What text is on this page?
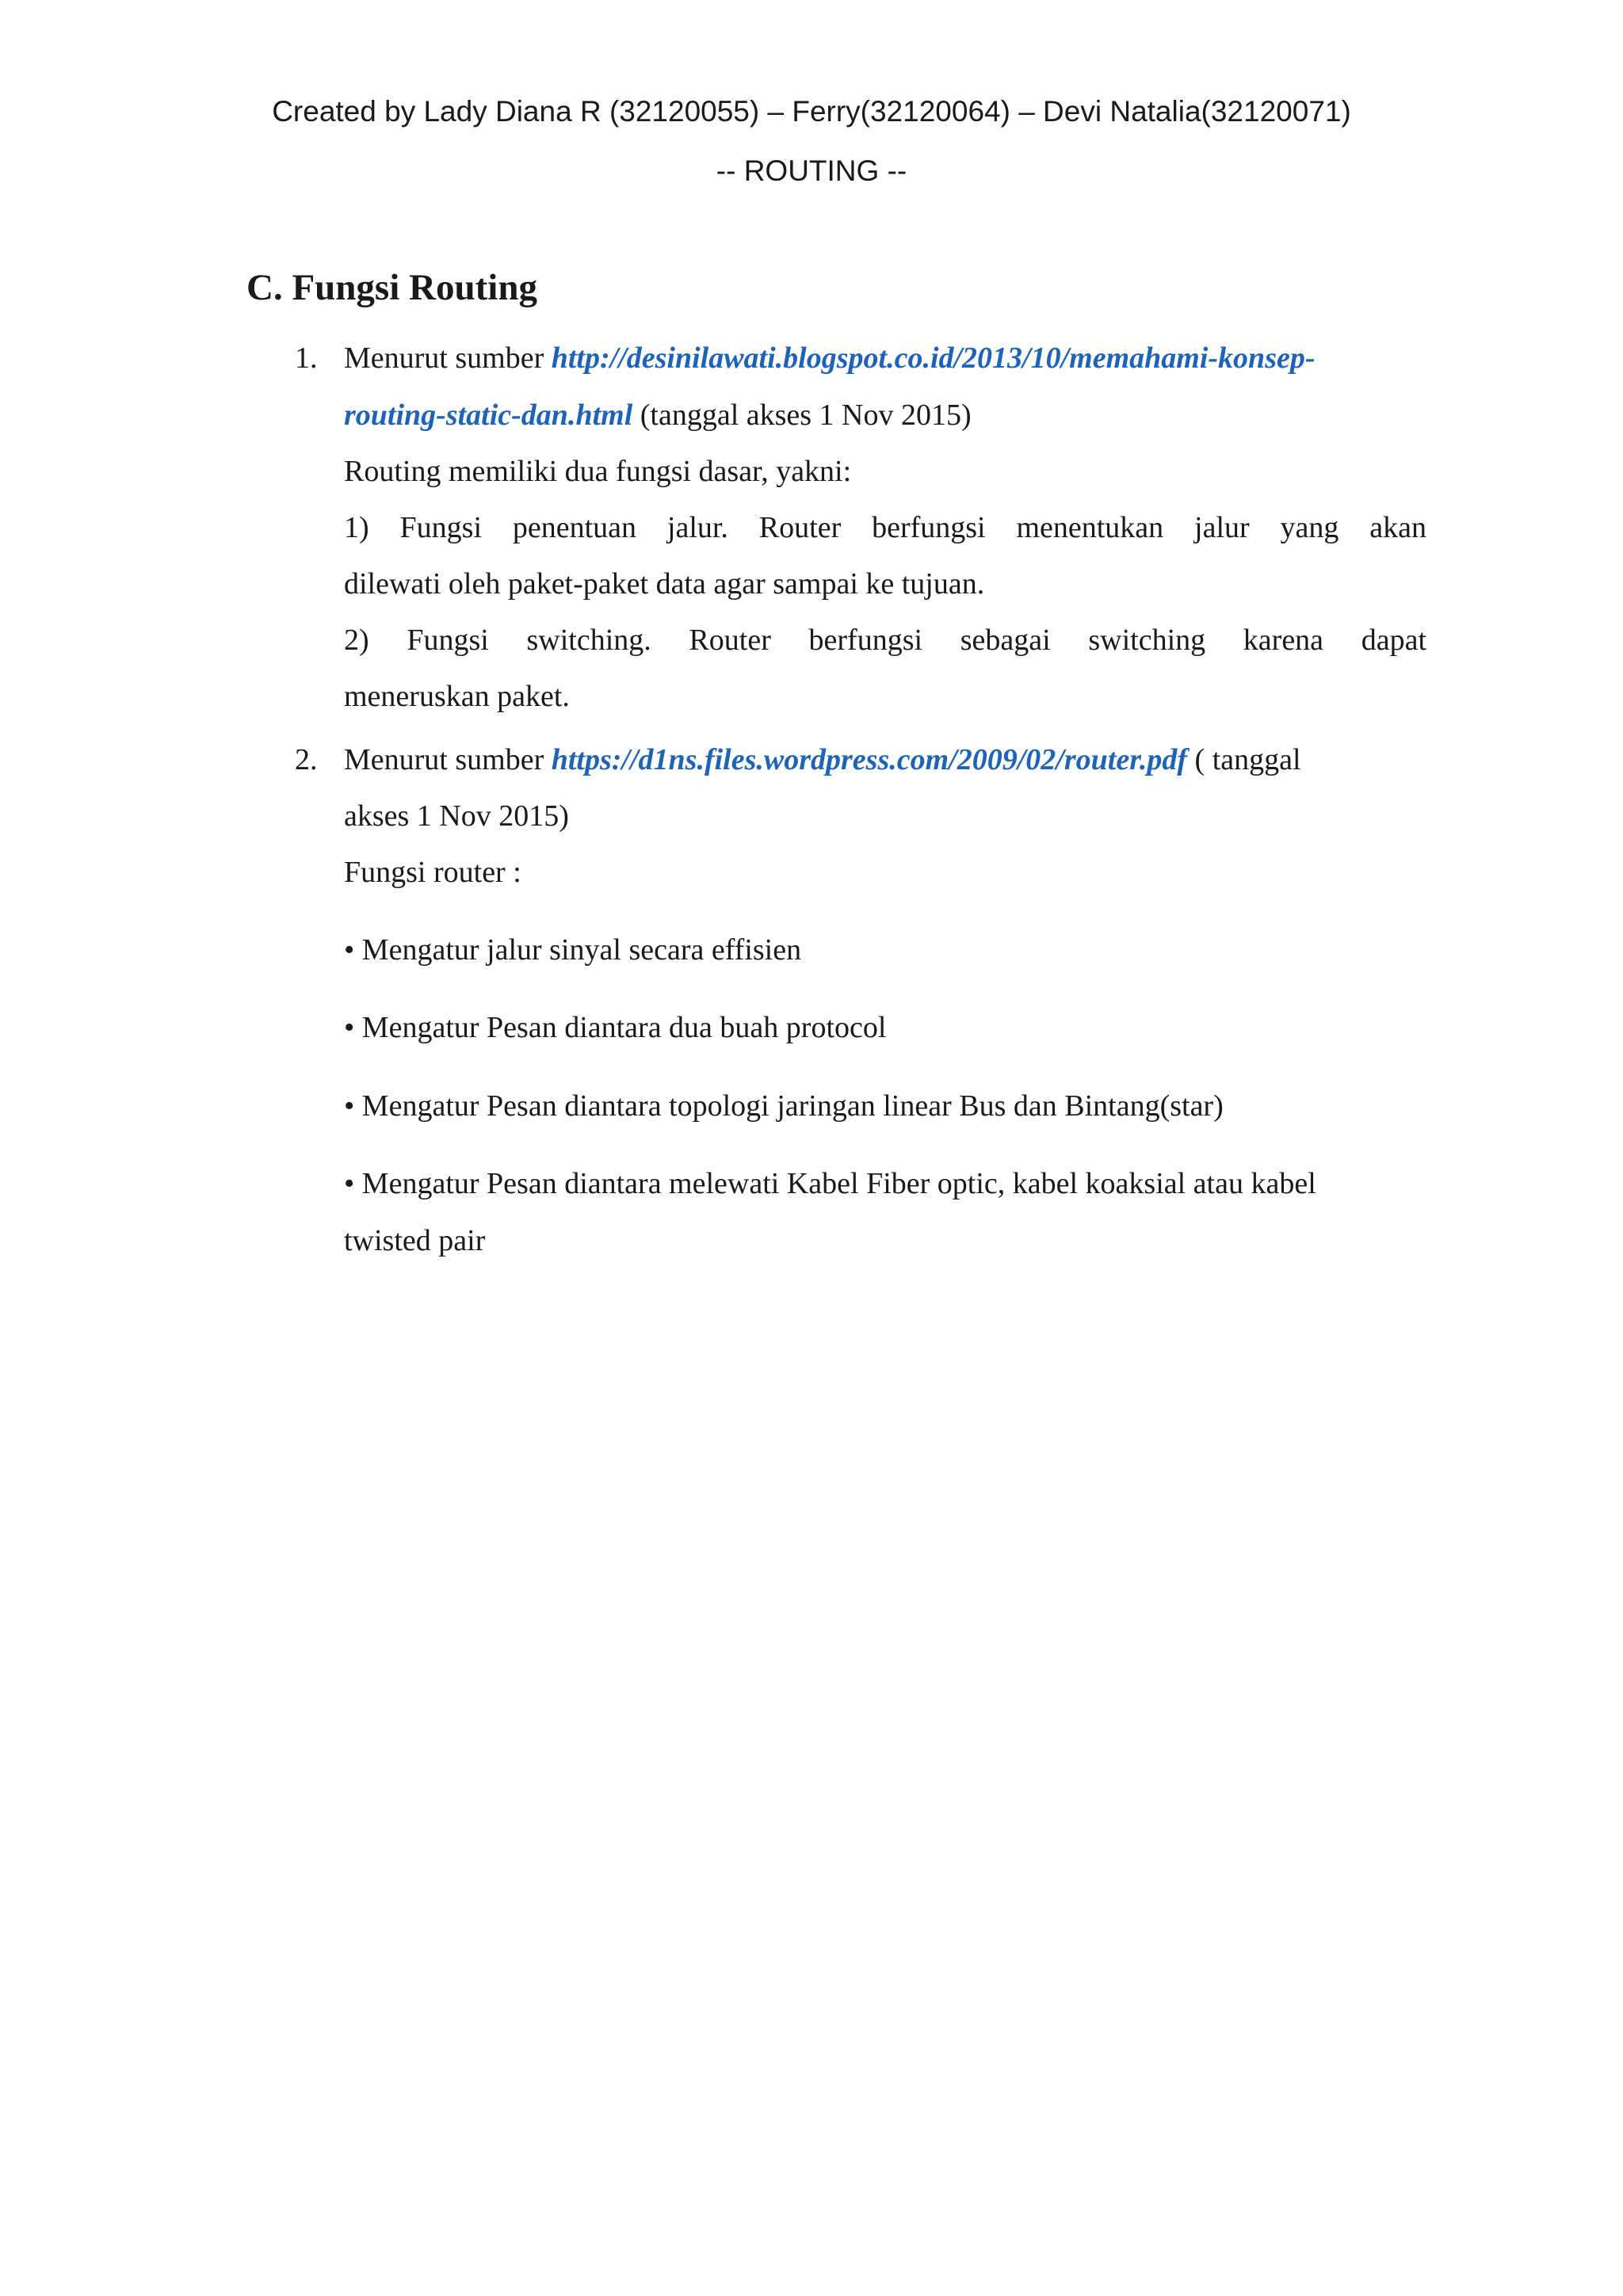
Created by Lady Diana R (32120055) – Ferry(32120064) – Devi Natalia(32120071)
-- ROUTING --
C. Fungsi Routing
1. Menurut sumber http://desinilawati.blogspot.co.id/2013/10/memahami-konsep-
routing-static-dan.html (tanggal akses 1 Nov 2015)
Routing memiliki dua fungsi dasar, yakni:
1) Fungsi penentuan jalur. Router berfungsi menentukan jalur yang akan
dilewati oleh paket-paket data agar sampai ke tujuan.
2) Fungsi switching. Router berfungsi sebagai switching karena dapat
meneruskan paket.
2. Menurut sumber https://d1ns.files.wordpress.com/2009/02/router.pdf ( tanggal
akses 1 Nov 2015)
Fungsi router :
• Mengatur jalur sinyal secara effisien
• Mengatur Pesan diantara dua buah protocol
• Mengatur Pesan diantara topologi jaringan linear Bus dan Bintang(star)
• Mengatur Pesan diantara melewati Kabel Fiber optic, kabel koaksial atau kabel
twisted pair
